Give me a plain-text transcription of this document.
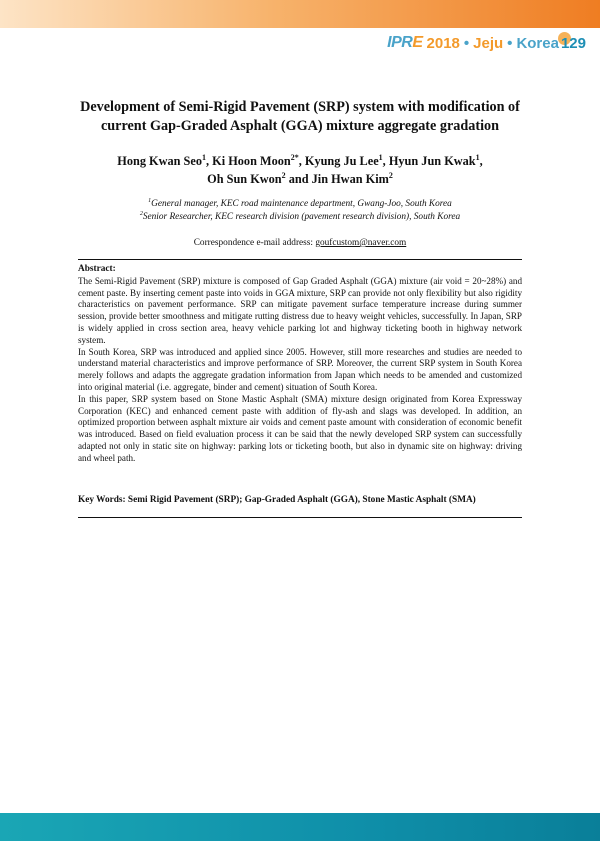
IPRE 2018 • Jeju • Korea 129
Development of Semi-Rigid Pavement (SRP) system with modification of
current Gap-Graded Asphalt (GGA) mixture aggregate gradation
Hong Kwan Seo$^1$, Ki Hoon Moon$^{2*}$, Kyung Ju Lee$^1$, Hyun Jun Kwak$^1$,
Oh Sun Kwon$^2$ and Jin Hwan Kim$^2$
$^1$General manager, KEC road maintenance department, Gwang-Joo, South Korea
$^2$Senior Researcher, KEC research division (pavement research division), South Korea
Correspondence e-mail address: goufcustom@naver.com
Abstract:

The Semi-Rigid Pavement (SRP) mixture is composed of Gap Graded Asphalt (GGA) mixture (air void = 20~28%) and cement paste. By inserting cement paste into voids in GGA mixture, SRP can provide not only flexibility but also rigidity characteristics on pavement performance. SRP can mitigate pavement surface temperature increase during summer session, provide better smoothness and mitigate rutting distress due to heavy weight vehicles, successfully. In Japan, SRP is widely applied in cross section area, heavy vehicle parking lot and highway ticketing booth in highway network system.

In South Korea, SRP was introduced and applied since 2005. However, still more researches and studies are needed to understand material characteristics and improve performance of SRP. Moreover, the current SRP system in South Korea merely follows and adapts the aggregate gradation information from Japan which needs to be amended and customized into original material (i.e. aggregate, binder and cement) situation of South Korea.

In this paper, SRP system based on Stone Mastic Asphalt (SMA) mixture design originated from Korea Expressway Corporation (KEC) and enhanced cement paste with addition of fly-ash and slags was developed. In addition, an optimized proportion between asphalt mixture air voids and cement paste amount with consideration of economic benefit was introduced. Based on field evaluation process it can be said that the newly developed SRP system can successfully adapted not only in static site on highway: parking lots or ticketing booth, but also in dynamic site on highway: driving and wheel path.

Key Words: Semi Rigid Pavement (SRP); Gap-Graded Asphalt (GGA), Stone Mastic Asphalt (SMA)
